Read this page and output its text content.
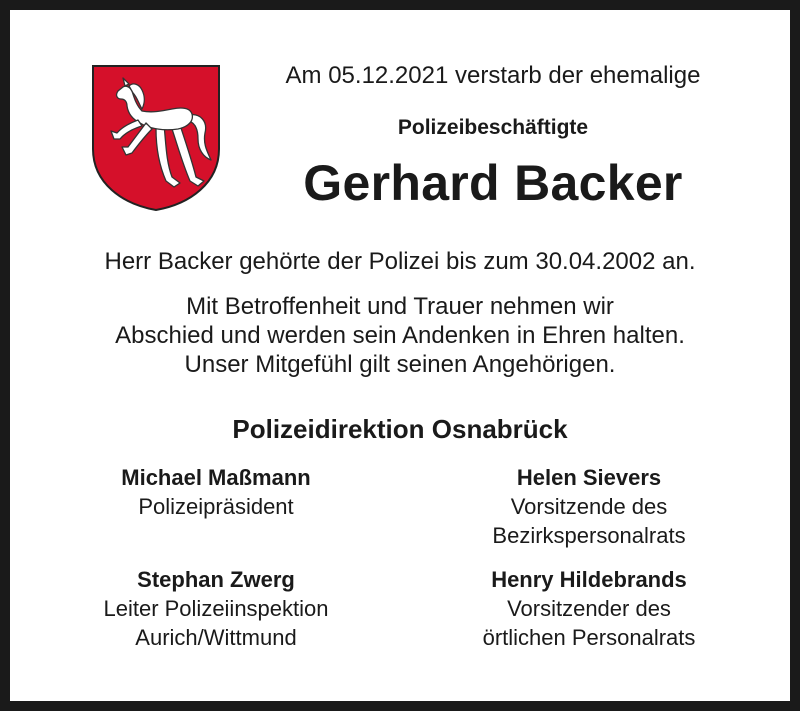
Am 05.12.2021 verstarb der ehemalige
Polizeibeschäftigte
Gerhard Backer
Herr Backer gehörte der Polizei bis zum 30.04.2002 an.
Mit Betroffenheit und Trauer nehmen wir
Abschied und werden sein Andenken in Ehren halten.
Unser Mitgefühl gilt seinen Angehörigen.
Polizeidirektion Osnabrück
Michael Maßmann
Polizeipräsident
Helen Sievers
Vorsitzende des
Bezirkspersonalrats
Stephan Zwerg
Leiter Polizeiinspektion
Aurich/Wittmund
Henry Hildebrands
Vorsitzender des
örtlichen Personalrats
